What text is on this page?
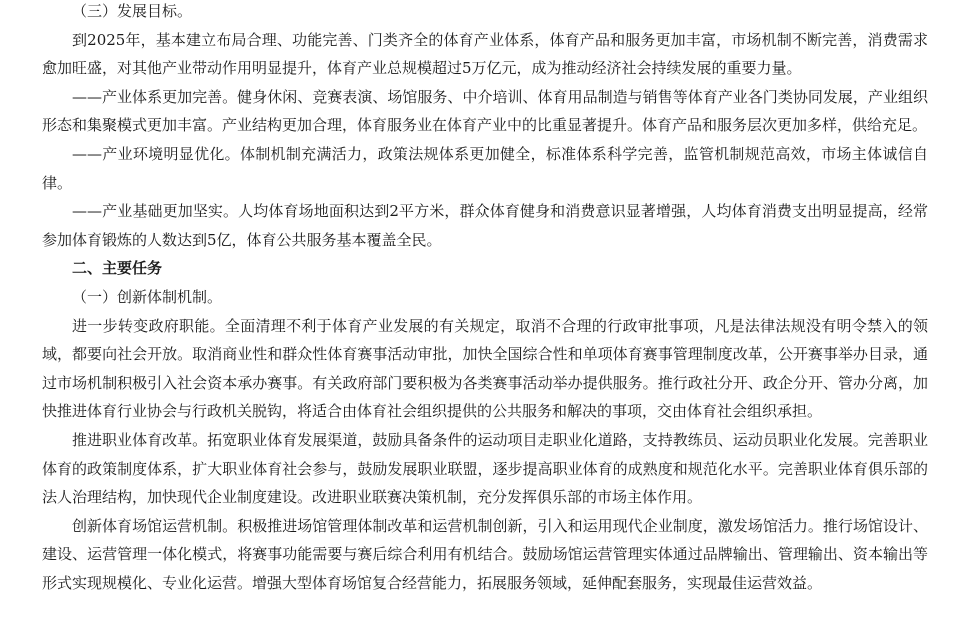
（三）发展目标。

到2025年，基本建立布局合理、功能完善、门类齐全的体育产业体系，体育产品和服务更加丰富，市场机制不断完善，消费需求愈加旺盛，对其他产业带动作用明显提升，体育产业总规模超过5万亿元，成为推动经济社会持续发展的重要力量。

——产业体系更加完善。健身休闲、竞赛表演、场馆服务、中介培训、体育用品制造与销售等体育产业各门类协同发展，产业组织形态和集聚模式更加丰富。产业结构更加合理，体育服务业在体育产业中的比重显著提升。体育产品和服务层次更加多样，供给充足。

——产业环境明显优化。体制机制充满活力，政策法规体系更加健全，标准体系科学完善，监管机制规范高效，市场主体诚信自律。

——产业基础更加坚实。人均体育场地面积达到2平方米，群众体育健身和消费意识显著增强，人均体育消费支出明显提高，经常参加体育锻炼的人数达到5亿，体育公共服务基本覆盖全民。

二、主要任务

（一）创新体制机制。

进一步转变政府职能。全面清理不利于体育产业发展的有关规定，取消不合理的行政审批事项，凡是法律法规没有明令禁入的领域，都要向社会开放。取消商业性和群众性体育赛事活动审批，加快全国综合性和单项体育赛事管理制度改革，公开赛事举办目录，通过市场机制积极引入社会资本承办赛事。有关政府部门要积极为各类赛事活动举办提供服务。推行政社分开、政企分开、管办分离，加快推进体育行业协会与行政机关脱钩，将适合由体育社会组织提供的公共服务和解决的事项，交由体育社会组织承担。

推进职业体育改革。拓宽职业体育发展渠道，鼓励具备条件的运动项目走职业化道路，支持教练员、运动员职业化发展。完善职业体育的政策制度体系，扩大职业体育社会参与，鼓励发展职业联盟，逐步提高职业体育的成熟度和规范化水平。完善职业体育俱乐部的法人治理结构，加快现代企业制度建设。改进职业联赛决策机制，充分发挥俱乐部的市场主体作用。

创新体育场馆运营机制。积极推进场馆管理体制改革和运营机制创新，引入和运用现代企业制度，激发场馆活力。推行场馆设计、建设、运营管理一体化模式，将赛事功能需要与赛后综合利用有机结合。鼓励场馆运营管理实体通过品牌输出、管理输出、资本输出等形式实现规模化、专业化运营。增强大型体育场馆复合经营能力，拓展服务领域，延伸配套服务，实现最佳运营效益。
